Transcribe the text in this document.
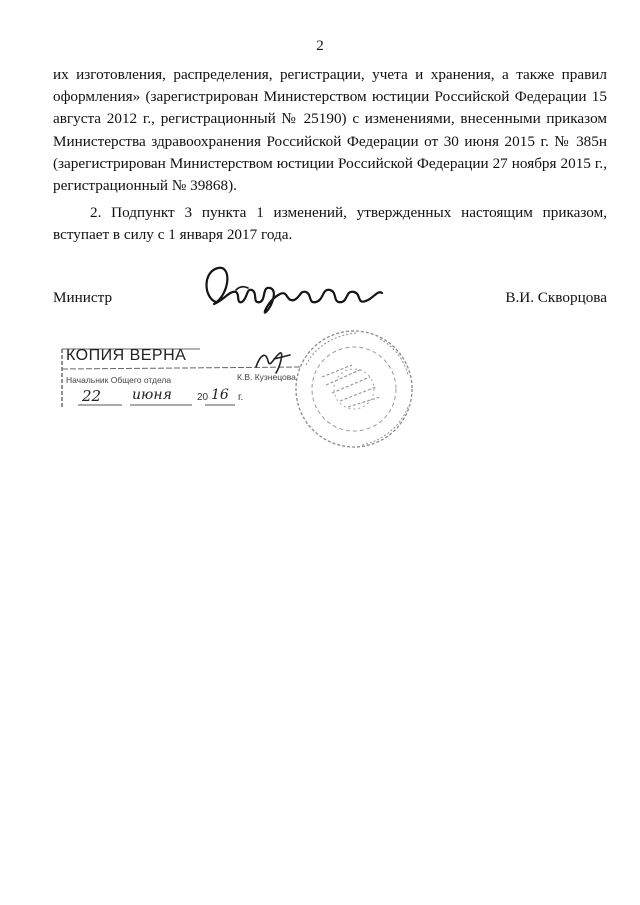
2

их изготовления, распределения, регистрации, учета и хранения, а также правил оформления» (зарегистрирован Министерством юстиции Российской Федерации 15 августа 2012 г., регистрационный № 25190) с изменениями, внесенными приказом Министерства здравоохранения Российской Федерации от 30 июня 2015 г. № 385н (зарегистрирован Министерством юстиции Российской Федерации 27 ноября 2015 г., регистрационный № 39868).

2. Подпункт 3 пункта 1 изменений, утвержденных настоящим приказом, вступает в силу с 1 января 2017 года.

Министр	В.И. Скворцова
КОПИЯ ВЕРНА
Начальник Общего отдела	К.В. Кузнецова
22 июня	20 16 г.
